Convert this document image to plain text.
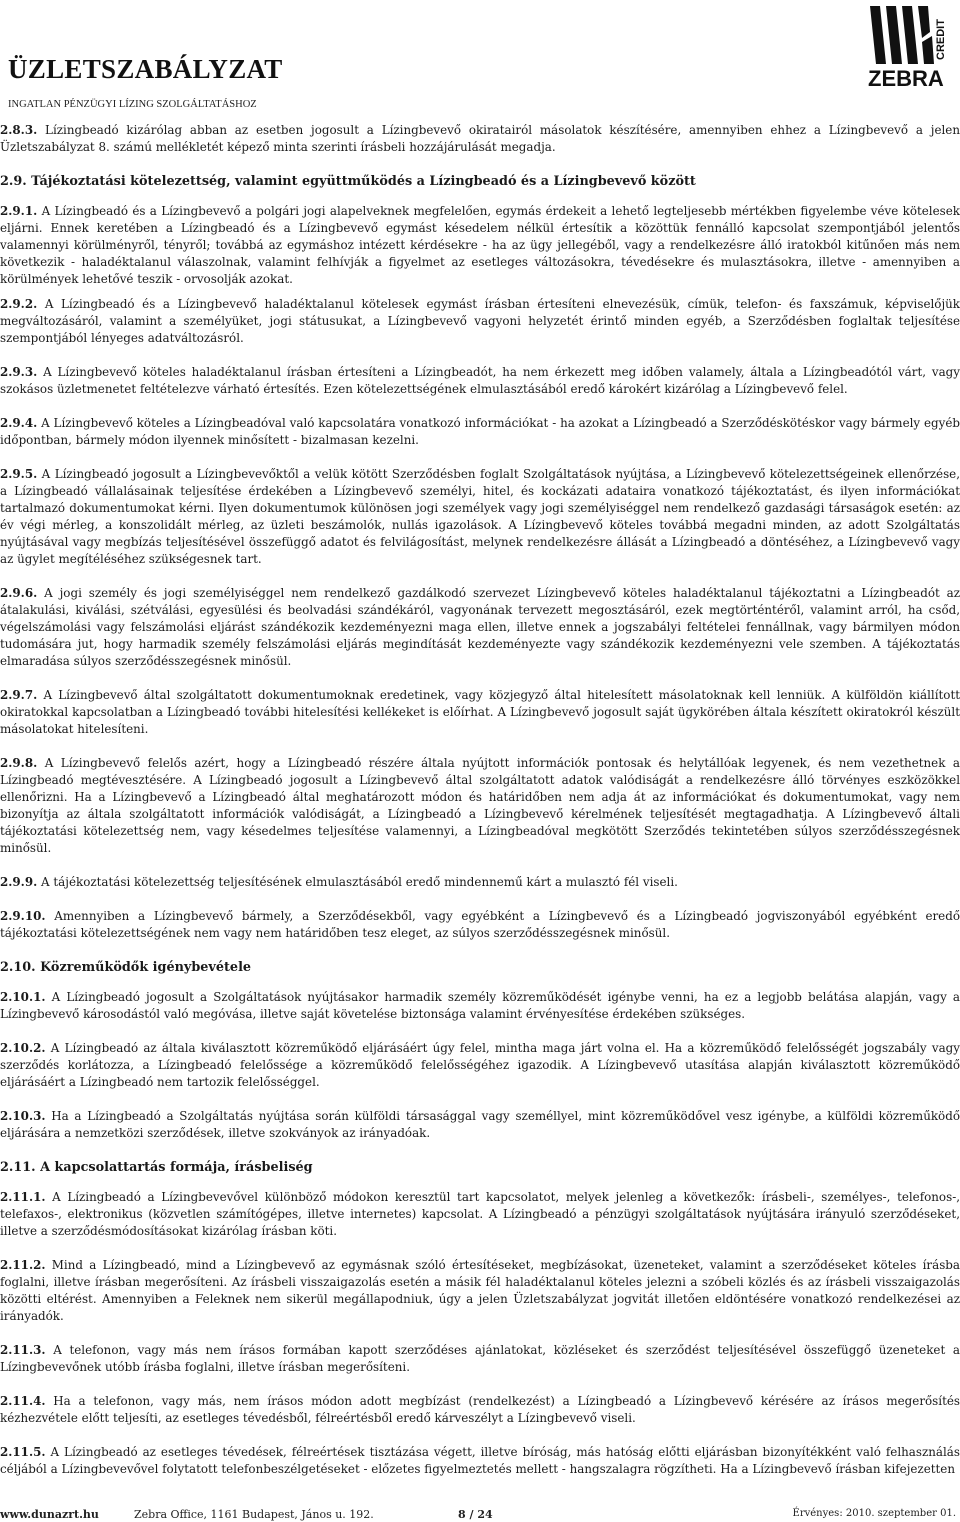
ÜZLETSZABÁLYZAT
INGATLAN PÉNZÜGYI LÍZING SZOLGÁLTATÁSHOZ
CREDIT
ZEBRA

2.8.3. Lízingbeadó kizárólag abban az esetben jogosult a Lízingbevevő okiratairól másolatok készítésére, amennyiben ehhez a Lízingbevevő a jelen Üzletszabályzat 8. számú mellékletét képező minta szerinti írásbeli hozzájárulását megadja.

2.9. Tájékoztatási kötelezettség, valamint együttműködés a Lízingbeadó és a Lízingbevevő között

2.9.1. A Lízingbeadó és a Lízingbevevő a polgári jogi alapelveknek megfelelően, egymás érdekeit a lehető legteljesebb mértékben figyelembe véve kötelesek eljárni. Ennek keretében a Lízingbeadó és a Lízingbevevő egymást késedelem nélkül értesítik a közöttük fennálló kapcsolat szempontjából jelentős valamennyi körülményről, tényről; továbbá az egymáshoz intézett kérdésekre - ha az ügy jellegéből, vagy a rendelkezésre álló iratokból kitűnően más nem következik - haladéktalanul válaszolnak, valamint felhívják a figyelmet az esetleges változásokra, tévedésekre és mulasztásokra, illetve - amennyiben a körülmények lehetővé teszik - orvosolják azokat.

2.9.2. A Lízingbeadó és a Lízingbevevő haladéktalanul kötelesek egymást írásban értesíteni elnevezésük, címük, telefon- és faxszámuk, képviselőjük megváltozásáról, valamint a személyüket, jogi státusukat, a Lízingbevevő vagyoni helyzetét érintő minden egyéb, a Szerződésben foglaltak teljesítése szempontjából lényeges adatváltozásról.

2.9.3. A Lízingbevevő köteles haladéktalanul írásban értesíteni a Lízingbeadót, ha nem érkezett meg időben valamely, általa a Lízingbeadótól várt, vagy szokásos üzletmenetet feltételezve várható értesítés. Ezen kötelezettségének elmulasztásából eredő károkért kizárólag a Lízingbevevő felel.

2.9.4. A Lízingbevevő köteles a Lízingbeadóval való kapcsolatára vonatkozó információkat - ha azokat a Lízingbeadó a Szerződéskötéskor vagy bármely egyéb időpontban, bármely módon ilyennek minősített - bizalmasan kezelni.

2.9.5. A Lízingbeadó jogosult a Lízingbevevőktől a velük kötött Szerződésben foglalt Szolgáltatások nyújtása, a Lízingbevevő kötelezettségeinek ellenőrzése, a Lízingbeadó vállalásainak teljesítése érdekében a Lízingbevevő személyi, hitel, és kockázati adataira vonatkozó tájékoztatást, és ilyen információkat tartalmazó dokumentumokat kérni. Ilyen dokumentumok különösen jogi személyek vagy jogi személyiséggel nem rendelkező gazdasági társaságok esetén: az év végi mérleg, a konszolidált mérleg, az üzleti beszámolók, nullás igazolások. A Lízingbevevő köteles továbbá megadni minden, az adott Szolgáltatás nyújtásával vagy megbízás teljesítésével összefüggő adatot és felvilágosítást, melynek rendelkezésre állását a Lízingbeadó a döntéséhez, a Lízingbevevő vagy az ügylet megítéléséhez szükségesnek tart.

2.9.6. A jogi személy és jogi személyiséggel nem rendelkező gazdálkodó szervezet Lízingbevevő köteles haladéktalanul tájékoztatni a Lízingbeadót az átalakulási, kiválási, szétválási, egyesülési és beolvadási szándékáról, vagyonának tervezett megosztásáról, ezek megtörténtéről, valamint arról, ha csőd, végelszámolási vagy felszámolási eljárást szándékozik kezdeményezni maga ellen, illetve ennek a jogszabályi feltételei fennállnak, vagy bármilyen módon tudomására jut, hogy harmadik személy felszámolási eljárás megindítását kezdeményezte vagy szándékozik kezdeményezni vele szemben. A tájékoztatás elmaradása súlyos szerződésszegésnek minősül.

2.9.7. A Lízingbevevő által szolgáltatott dokumentumoknak eredetinek, vagy közjegyző által hitelesített másolatoknak kell lenniük. A külföldön kiállított okiratokkal kapcsolatban a Lízingbeadó további hitelesítési kellékeket is előírhat. A Lízingbevevő jogosult saját ügykörében általa készített okiratokról készült másolatokat hitelesíteni.

2.9.8. A Lízingbevevő felelős azért, hogy a Lízingbeadó részére általa nyújtott információk pontosak és helytállóak legyenek, és nem vezethetnek a Lízingbeadó megtévesztésére. A Lízingbeadó jogosult a Lízingbevevő által szolgáltatott adatok valódiságát a rendelkezésre álló törvényes eszközökkel ellenőrizni. Ha a Lízingbevevő a Lízingbeadó által meghatározott módon és határidőben nem adja át az információkat és dokumentumokat, vagy nem bizonyítja az általa szolgáltatott információk valódiságát, a Lízingbeadó a Lízingbevevő kérelmének teljesítését megtagadhatja. A Lízingbevevő általi tájékoztatási kötelezettség nem, vagy késedelmes teljesítése valamennyi, a Lízingbeadóval megkötött Szerződés tekintetében súlyos szerződésszegésnek minősül.

2.9.9. A tájékoztatási kötelezettség teljesítésének elmulasztásából eredő mindennemű kárt a mulasztó fél viseli.

2.9.10. Amennyiben a Lízingbevevő bármely, a Szerződésekből, vagy egyébként a Lízingbevevő és a Lízingbeadó jogviszonyából egyébként eredő tájékoztatási kötelezettségének nem vagy nem határidőben tesz eleget, az súlyos szerződésszegésnek minősül.

2.10. Közreműködők igénybevétele

2.10.1. A Lízingbeadó jogosult a Szolgáltatások nyújtásakor harmadik személy közreműködését igénybe venni, ha ez a legjobb belátása alapján, vagy a Lízingbevevő károsodástól való megóvása, illetve saját követelése biztonsága valamint érvényesítése érdekében szükséges.

2.10.2. A Lízingbeadó az általa kiválasztott közreműködő eljárásáért úgy felel, mintha maga járt volna el. Ha a közreműködő felelősségét jogszabály vagy szerződés korlátozza, a Lízingbeadó felelőssége a közreműködő felelősségéhez igazodik. A Lízingbevevő utasítása alapján kiválasztott közreműködő eljárásáért a Lízingbeadó nem tartozik felelősséggel.

2.10.3. Ha a Lízingbeadó a Szolgáltatás nyújtása során külföldi társasággal vagy személlyel, mint közreműködővel vesz igénybe, a külföldi közreműködő eljárására a nemzetközi szerződések, illetve szokványok az irányadóak.

2.11. A kapcsolattartás formája, írásbeliség

2.11.1. A Lízingbeadó a Lízingbevevővel különböző módokon keresztül tart kapcsolatot, melyek jelenleg a következők: írásbeli-, személyes-, telefonos-, telefaxos-, elektronikus (közvetlen számítógépes, illetve internetes) kapcsolat. A Lízingbeadó a pénzügyi szolgáltatások nyújtására irányuló szerződéseket, illetve a szerződésmódosításokat kizárólag írásban köti.

2.11.2. Mind a Lízingbeadó, mind a Lízingbevevő az egymásnak szóló értesítéseket, megbízásokat, üzeneteket, valamint a szerződéseket köteles írásba foglalni, illetve írásban megerősíteni. Az írásbeli visszaigazolás esetén a másik fél haladéktalanul köteles jelezni a szóbeli közlés és az írásbeli visszaigazolás közötti eltérést. Amennyiben a Feleknek nem sikerül megállapodniuk, úgy a jelen Üzletszabályzat jogvitát illetően eldöntésére vonatkozó rendelkezései az irányadók.

2.11.3. A telefonon, vagy más nem írásos formában kapott szerződéses ajánlatokat, közléseket és szerződést teljesítésével összefüggő üzeneteket a Lízingbevevőnek utóbb írásba foglalni, illetve írásban megerősíteni.

2.11.4. Ha a telefonon, vagy más, nem írásos módon adott megbízást (rendelkezést) a Lízingbeadó a Lízingbevevő kérésére az írásos megerősítés kézhezvétele előtt teljesíti, az esetleges tévedésből, félreértésből eredő kárveszélyt a Lízingbevevő viseli.

2.11.5. A Lízingbeadó az esetleges tévedések, félreértések tisztázása végett, illetve bíróság, más hatóság előtti eljárásban bizonyítékként való felhasználás céljából a Lízingbevevővel folytatott telefonbeszélgetéseket - előzetes figyelmeztetés mellett - hangszalagra rögzítheti. Ha a Lízingbevevő írásban kifejezetten

www.dunazrt.hu	Zebra Office, 1161 Budapest, János u. 192.	8 / 24	Érvényes: 2010. szeptember 01.
